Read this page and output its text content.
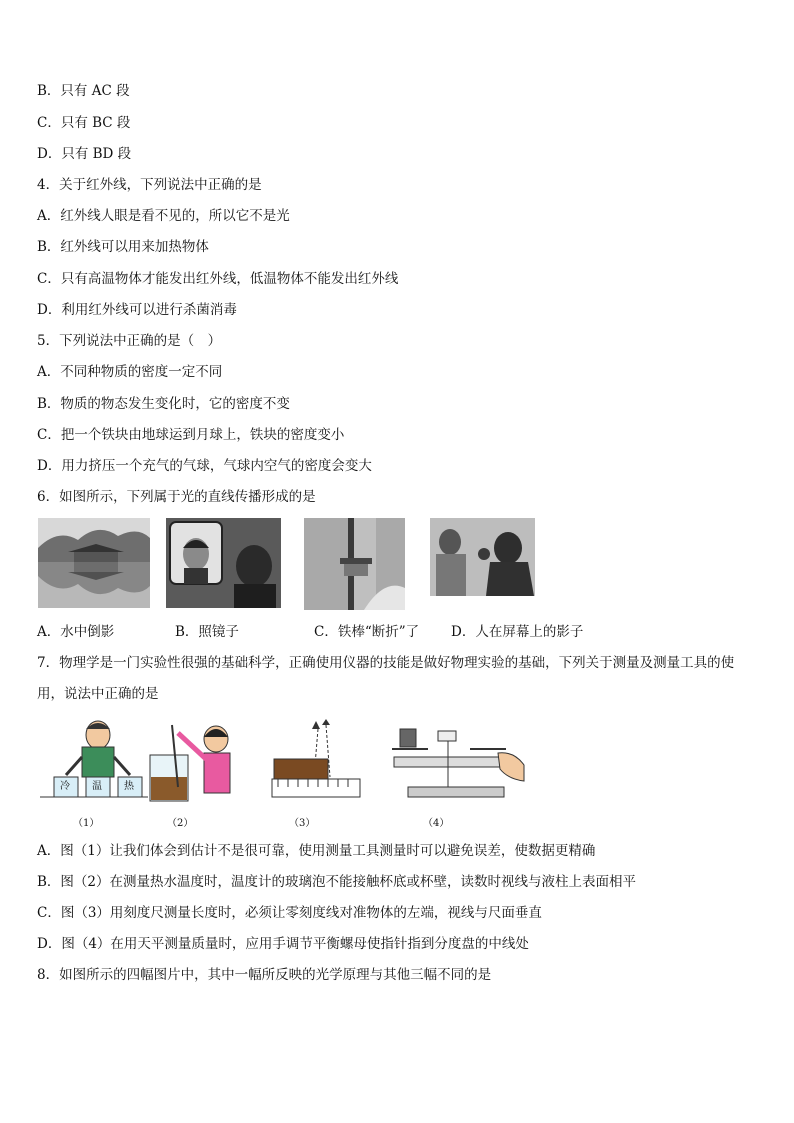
B．只有 AC 段
C．只有 BC 段
D．只有 BD 段
4．关于红外线，下列说法中正确的是
A．红外线人眼是看不见的，所以它不是光
B．红外线可以用来加热物体
C．只有高温物体才能发出红外线，低温物体不能发出红外线
D．利用红外线可以进行杀菌消毒
5．下列说法中正确的是（　）
A．不同种物质的密度一定不同
B．物质的物态发生变化时，它的密度不变
C．把一个铁块由地球运到月球上，铁块的密度变小
D．用力挤压一个充气的气球，气球内空气的密度会变大
6．如图所示，下列属于光的直线传播形成的是
A．水中倒影	B．照镜子	C．铁棒“断折”了 D．人在屏幕上的影子
7．物理学是一门实验性很强的基础科学，正确使用仪器的技能是做好物理实验的基础，下列关于测量及测量工具的使
用，说法中正确的是
冷 温 热
（1）	（2）	（3）	（4）
A．图（1）让我们体会到估计不是很可靠，使用测量工具测量时可以避免误差，使数据更精确
B．图（2）在测量热水温度时，温度计的玻璃泡不能接触杯底或杯壁，读数时视线与液柱上表面相平
C．图（3）用刻度尺测量长度时，必须让零刻度线对准物体的左端，视线与尺面垂直
D．图（4）在用天平测量质量时，应用手调节平衡螺母使指针指到分度盘的中线处
8．如图所示的四幅图片中，其中一幅所反映的光学原理与其他三幅不同的是
